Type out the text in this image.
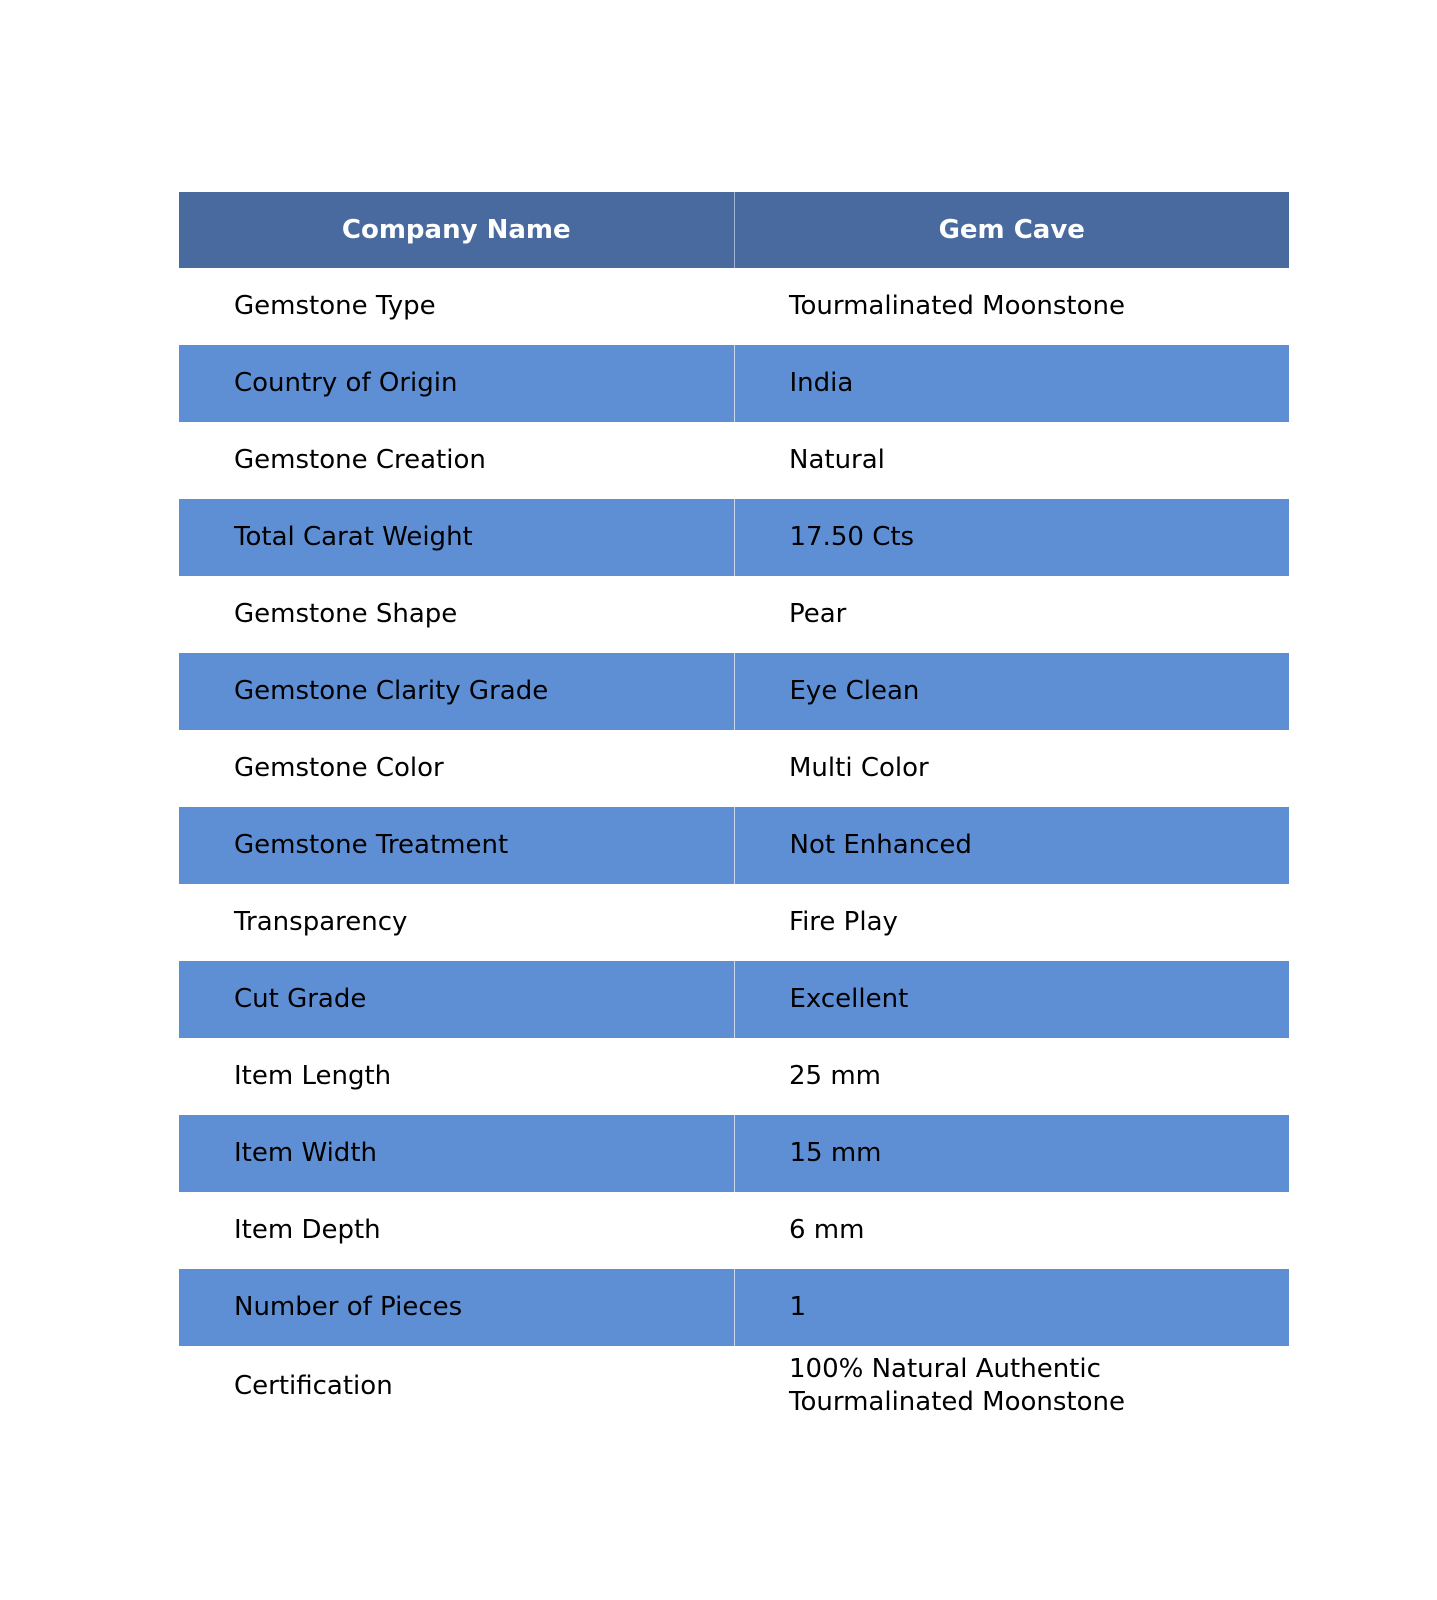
Company Name	Gem Cave
Gemstone Type	Tourmalinated Moonstone
Country of Origin	India
Gemstone Creation	Natural
Total Carat Weight	17.50 Cts
Gemstone Shape	Pear
Gemstone Clarity Grade	Eye Clean
Gemstone Color	Multi Color
Gemstone Treatment	Not Enhanced
Transparency	Fire Play
Cut Grade	Excellent
Item Length	25 mm
Item Width	15 mm
Item Depth	6 mm
Number of Pieces	1
Certification	100% Natural Authentic
Tourmalinated Moonstone
